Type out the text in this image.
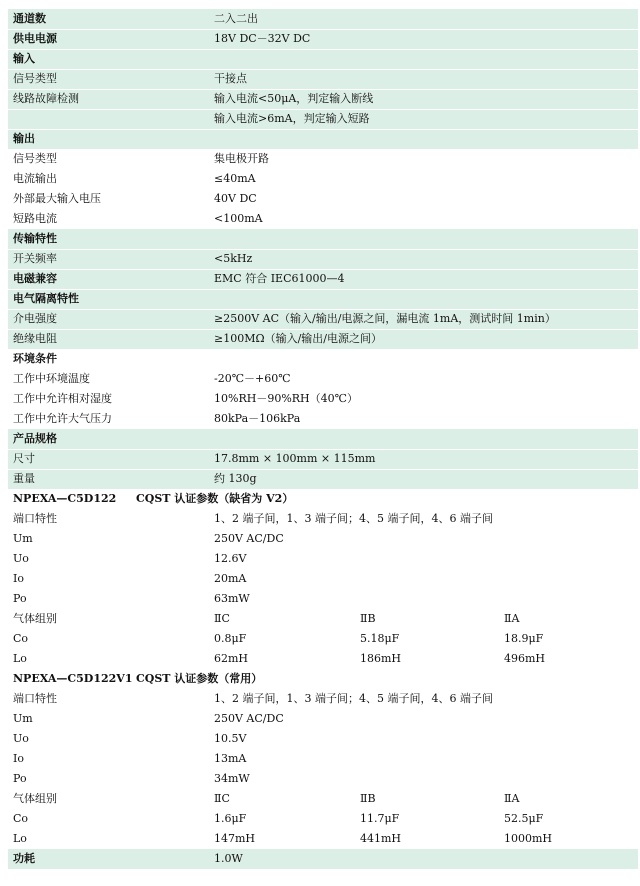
通道数	二入二出
供电电源	18V DC－32V DC
输入
信号类型	干接点
线路故障检测	输入电流<50μA，判定输入断线
输入电流>6mA，判定输入短路
输出
信号类型	集电极开路
电流输出	≤40mA
外部最大输入电压	40V DC
短路电流	<100mA
传输特性
开关频率	<5kHz
电磁兼容	EMC 符合 IEC61000—4
电气隔离特性
介电强度	≥2500V AC（输入/输出/电源之间，漏电流 1mA，测试时间 1min）
绝缘电阻	≥100MΩ（输入/输出/电源之间）
环境条件
工作中环境温度	-20℃－+60℃
工作中允许相对湿度	10%RH－90%RH（40℃）
工作中允许大气压力	80kPa－106kPa
产品规格
尺寸	17.8mm × 100mm × 115mm
重量	约 130g
NPEXA—C5D122 CQST 认证参数（缺省为 V2）
端口特性	1、2 端子间，1、3 端子间；4、5 端子间，4、6 端子间
Um	250V AC/DC
Uo	12.6V
Io	20mA
Po	63mW
气体组别	ⅡC	ⅡB	ⅡA
Co	0.8μF	5.18μF	18.9μF
Lo	62mH	186mH	496mH
NPEXA—C5D122V1 CQST 认证参数（常用）
端口特性	1、2 端子间，1、3 端子间；4、5 端子间，4、6 端子间
Um	250V AC/DC
Uo	10.5V
Io	13mA
Po	34mW
气体组别	ⅡC	ⅡB	ⅡA
Co	1.6μF	11.7μF	52.5μF
Lo	147mH	441mH	1000mH
功耗	1.0W
